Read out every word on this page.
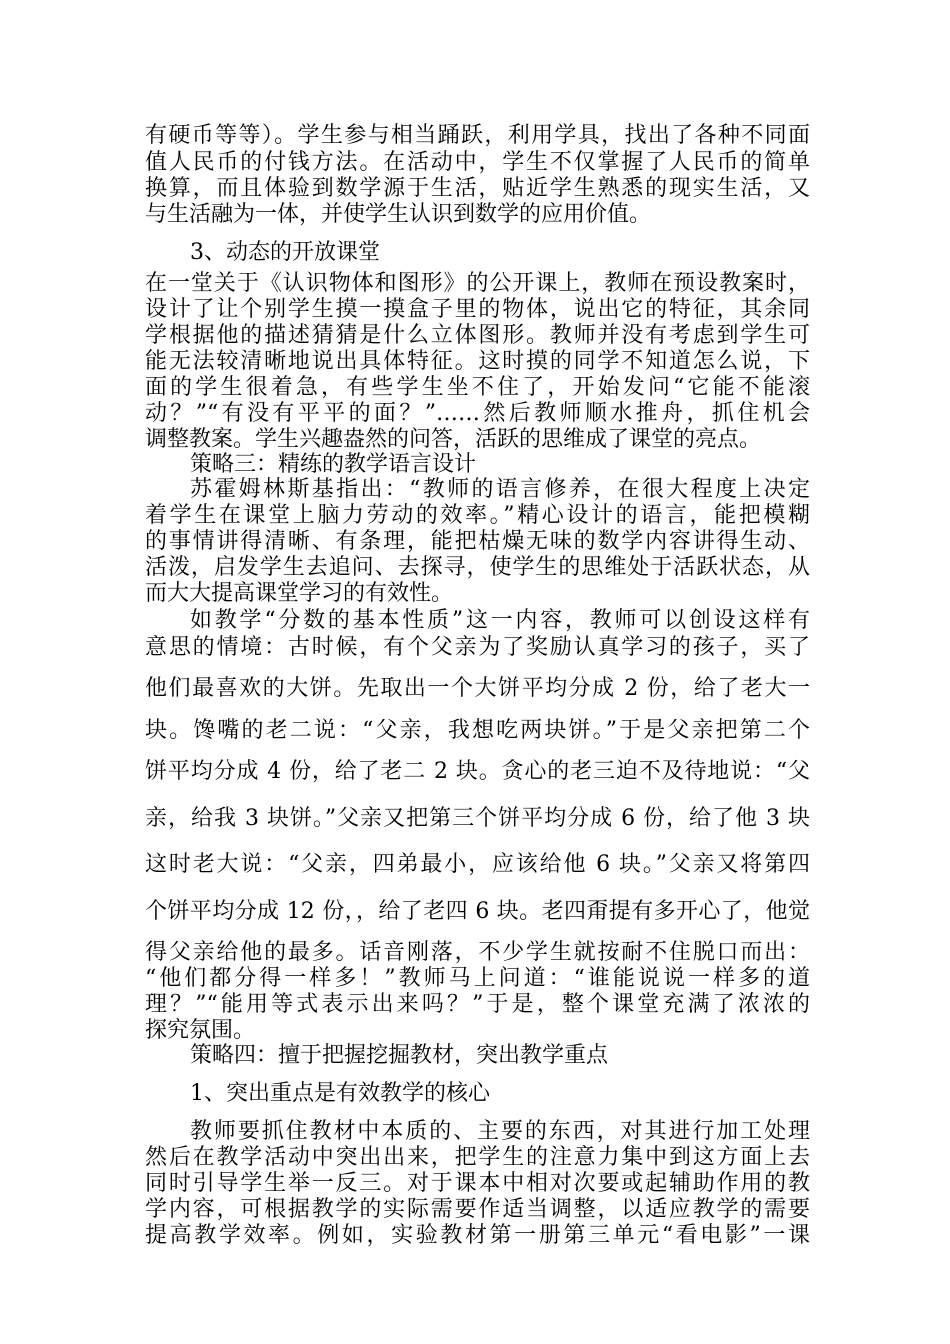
有硬币等等）。学生参与相当踊跃，利用学具，找出了各种不同面
值人民币的付钱方法。在活动中，学生不仅掌握了人民币的简单
换算，而且体验到数学源于生活，贴近学生熟悉的现实生活，又
与生活融为一体，并使学生认识到数学的应用价值。
3、动态的开放课堂
在一堂关于《认识物体和图形》的公开课上，教师在预设教案时，
设计了让个别学生摸一摸盒子里的物体，说出它的特征，其余同
学根据他的描述猜猜是什么立体图形。教师并没有考虑到学生可
能无法较清晰地说出具体特征。这时摸的同学不知道怎么说，下
面的学生很着急，有些学生坐不住了，开始发问“它能不能滚
动？”“有没有平平的面？”……然后教师顺水推舟，抓住机会
调整教案。学生兴趣盎然的问答，活跃的思维成了课堂的亮点。
策略三：精练的教学语言设计
苏霍姆林斯基指出：“教师的语言修养，在很大程度上决定
着学生在课堂上脑力劳动的效率。”精心设计的语言，能把模糊
的事情讲得清晰、有条理，能把枯燥无味的数学内容讲得生动、
活泼，启发学生去追问、去探寻，使学生的思维处于活跃状态，从
而大大提高课堂学习的有效性。
如教学“分数的基本性质”这一内容，教师可以创设这样有
意思的情境：古时候，有个父亲为了奖励认真学习的孩子，买了
他们最喜欢的大饼。先取出一个大饼平均分成 2 份，给了老大一
块。馋嘴的老二说：“父亲，我想吃两块饼。”于是父亲把第二个
饼平均分成 4 份，给了老二 2 块。贪心的老三迫不及待地说：“父
亲，给我 3 块饼。”父亲又把第三个饼平均分成 6 份，给了他 3 块
这时老大说：“父亲，四弟最小，应该给他 6 块。”父亲又将第四
个饼平均分成 12 份，，给了老四 6 块。老四甭提有多开心了，他觉
得父亲给他的最多。话音刚落，不少学生就按耐不住脱口而出：
“他们都分得一样多！”教师马上问道：“谁能说说一样多的道
理？”“能用等式表示出来吗？”于是，整个课堂充满了浓浓的
探究氛围。
策略四：擅于把握挖掘教材，突出教学重点
1、突出重点是有效教学的核心
教师要抓住教材中本质的、主要的东西，对其进行加工处理
然后在教学活动中突出出来，把学生的注意力集中到这方面上去
同时引导学生举一反三。对于课本中相对次要或起辅助作用的教
学内容，可根据教学的实际需要作适当调整，以适应教学的需要
提高教学效率。例如，实验教材第一册第三单元“看电影”一课
